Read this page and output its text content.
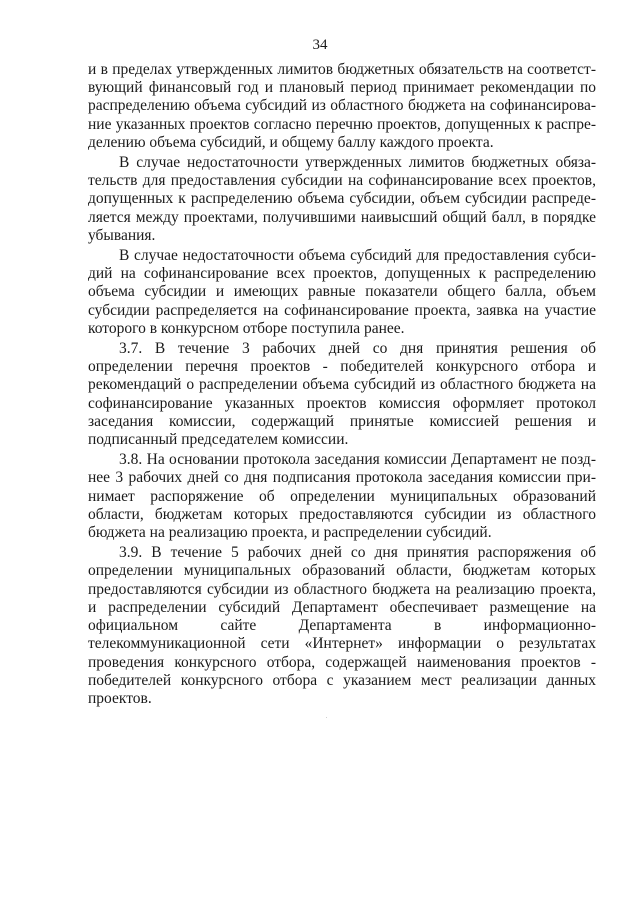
34

и в пределах утвержденных лимитов бюджетных обязательств на соответствующий финансовый год и плановый период принимает рекомендации по распределению объема субсидий из областного бюджета на софинансирование указанных проектов согласно перечню проектов, допущенных к распределению объема субсидий, и общему баллу каждого проекта.

В случае недостаточности утвержденных лимитов бюджетных обязательств для предоставления субсидии на софинансирование всех проектов, допущенных к распределению объема субсидии, объем субсидии распределяется между проектами, получившими наивысший общий балл, в порядке убывания.

В случае недостаточности объема субсидий для предоставления субсидий на софинансирование всех проектов, допущенных к распределению объема субсидии и имеющих равные показатели общего балла, объем субсидии распределяется на софинансирование проекта, заявка на участие которого в конкурсном отборе поступила ранее.

3.7. В течение 3 рабочих дней со дня принятия решения об определении перечня проектов - победителей конкурсного отбора и рекомендаций о распределении объема субсидий из областного бюджета на софинансирование указанных проектов комиссия оформляет протокол заседания комиссии, содержащий принятые комиссией решения и подписанный председателем комиссии.

3.8. На основании протокола заседания комиссии Департамент не позднее 3 рабочих дней со дня подписания протокола заседания комиссии принимает распоряжение об определении муниципальных образований области, бюджетам которых предоставляются субсидии из областного бюджета на реализацию проекта, и распределении субсидий.

3.9. В течение 5 рабочих дней со дня принятия распоряжения об определении муниципальных образований области, бюджетам которых предоставляются субсидии из областного бюджета на реализацию проекта, и распределении субсидий Департамент обеспечивает размещение на официальном сайте Департамента в информационно-телекоммуникационной сети «Интернет» информации о результатах проведения конкурсного отбора, содержащей наименования проектов - победителей конкурсного отбора с указанием мест реализации данных проектов.
